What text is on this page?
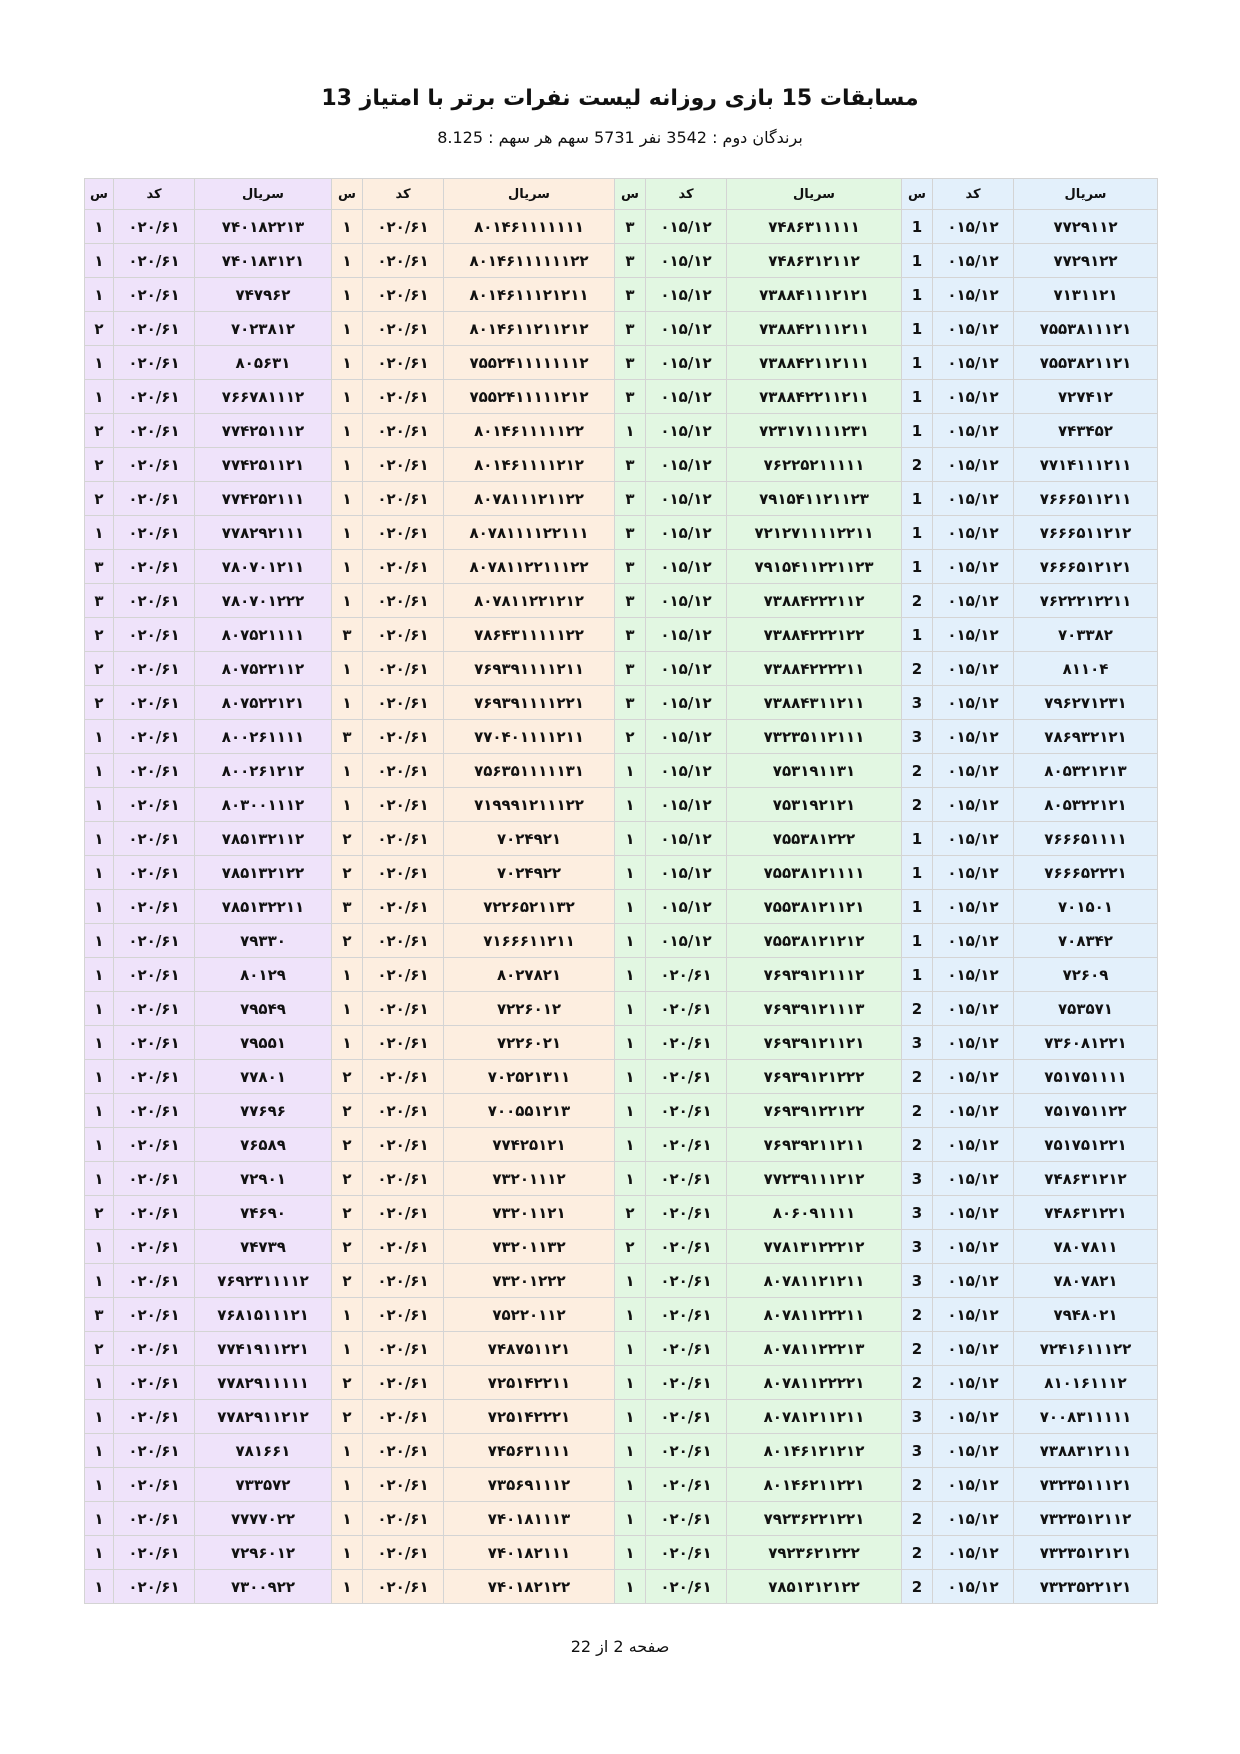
مسابقات 15 بازی روزانه لیست نفرات برتر با امتیاز 13
برندگان دوم : 3542 نفر 5731 سهم هر سهم : 8.125
سریال	کد	س	سریال	کد	س	سریال	کد	س	سریال	کد	س
۷۷۲۹۱۱۲	۰۱۵/۱۲	1	۷۴۸۶۳۱۱۱۱۱	۰۱۵/۱۲	۳	۸۰۱۴۶۱۱۱۱۱۱۱	۰۲۰/۶۱	۱	۷۴۰۱۸۲۲۱۳	۰۲۰/۶۱	۱
۷۷۲۹۱۲۲	۰۱۵/۱۲	1	۷۴۸۶۳۱۲۱۱۲	۰۱۵/۱۲	۳	۸۰۱۴۶۱۱۱۱۱۱۲۲	۰۲۰/۶۱	۱	۷۴۰۱۸۳۱۲۱	۰۲۰/۶۱	۱
۷۱۳۱۱۲۱	۰۱۵/۱۲	1	۷۳۸۸۴۱۱۱۲۱۲۱	۰۱۵/۱۲	۳	۸۰۱۴۶۱۱۱۲۱۲۱۱	۰۲۰/۶۱	۱	۷۴۷۹۶۲	۰۲۰/۶۱	۱
۷۵۵۳۸۱۱۱۲۱	۰۱۵/۱۲	1	۷۳۸۸۴۲۱۱۱۲۱۱	۰۱۵/۱۲	۳	۸۰۱۴۶۱۱۲۱۱۲۱۲	۰۲۰/۶۱	۱	۷۰۲۳۸۱۲	۰۲۰/۶۱	۲
۷۵۵۳۸۲۱۱۲۱	۰۱۵/۱۲	1	۷۳۸۸۴۲۱۱۲۱۱۱	۰۱۵/۱۲	۳	۷۵۵۲۴۱۱۱۱۱۱۱۲	۰۲۰/۶۱	۱	۸۰۵۶۳۱	۰۲۰/۶۱	۱
۷۲۷۴۱۲	۰۱۵/۱۲	1	۷۳۸۸۴۲۲۱۱۲۱۱	۰۱۵/۱۲	۳	۷۵۵۲۴۱۱۱۱۱۲۱۲	۰۲۰/۶۱	۱	۷۶۶۷۸۱۱۱۲	۰۲۰/۶۱	۱
۷۴۳۴۵۲	۰۱۵/۱۲	1	۷۲۳۱۷۱۱۱۱۲۳۱	۰۱۵/۱۲	۱	۸۰۱۴۶۱۱۱۱۱۲۲	۰۲۰/۶۱	۱	۷۷۴۲۵۱۱۱۲	۰۲۰/۶۱	۲
۷۷۱۴۱۱۱۲۱۱	۰۱۵/۱۲	2	۷۶۲۲۵۲۱۱۱۱۱	۰۱۵/۱۲	۳	۸۰۱۴۶۱۱۱۱۲۱۲	۰۲۰/۶۱	۱	۷۷۴۲۵۱۱۲۱	۰۲۰/۶۱	۲
۷۶۶۶۵۱۱۲۱۱	۰۱۵/۱۲	1	۷۹۱۵۴۱۱۲۱۱۲۳	۰۱۵/۱۲	۳	۸۰۷۸۱۱۱۲۱۱۲۲	۰۲۰/۶۱	۱	۷۷۴۲۵۲۱۱۱	۰۲۰/۶۱	۲
۷۶۶۶۵۱۱۲۱۲	۰۱۵/۱۲	1	۷۲۱۲۷۱۱۱۱۲۲۱۱	۰۱۵/۱۲	۳	۸۰۷۸۱۱۱۱۲۲۱۱۱	۰۲۰/۶۱	۱	۷۷۸۲۹۲۱۱۱	۰۲۰/۶۱	۱
۷۶۶۶۵۱۲۱۲۱	۰۱۵/۱۲	1	۷۹۱۵۴۱۱۲۲۱۱۲۳	۰۱۵/۱۲	۳	۸۰۷۸۱۱۲۲۱۱۱۲۲	۰۲۰/۶۱	۱	۷۸۰۷۰۱۲۱۱	۰۲۰/۶۱	۳
۷۶۲۲۲۱۲۲۱۱	۰۱۵/۱۲	2	۷۳۸۸۴۲۲۲۱۱۲	۰۱۵/۱۲	۳	۸۰۷۸۱۱۲۲۱۲۱۲	۰۲۰/۶۱	۱	۷۸۰۷۰۱۲۲۲	۰۲۰/۶۱	۳
۷۰۳۳۸۲	۰۱۵/۱۲	1	۷۳۸۸۴۲۲۲۱۲۲	۰۱۵/۱۲	۳	۷۸۶۴۳۱۱۱۱۱۲۲	۰۲۰/۶۱	۳	۸۰۷۵۲۱۱۱۱	۰۲۰/۶۱	۲
۸۱۱۰۴	۰۱۵/۱۲	2	۷۳۸۸۴۲۲۲۲۱۱	۰۱۵/۱۲	۳	۷۶۹۳۹۱۱۱۱۲۱۱	۰۲۰/۶۱	۱	۸۰۷۵۲۲۱۱۲	۰۲۰/۶۱	۲
۷۹۶۲۷۱۲۳۱	۰۱۵/۱۲	3	۷۳۸۸۴۳۱۱۲۱۱	۰۱۵/۱۲	۳	۷۶۹۳۹۱۱۱۱۲۲۱	۰۲۰/۶۱	۱	۸۰۷۵۲۲۱۲۱	۰۲۰/۶۱	۲
۷۸۶۹۳۲۱۲۱	۰۱۵/۱۲	3	۷۳۲۳۵۱۱۲۱۱۱	۰۱۵/۱۲	۲	۷۷۰۴۰۱۱۱۱۲۱۱	۰۲۰/۶۱	۳	۸۰۰۲۶۱۱۱۱	۰۲۰/۶۱	۱
۸۰۵۳۲۱۲۱۳	۰۱۵/۱۲	2	۷۵۳۱۹۱۱۳۱	۰۱۵/۱۲	۱	۷۵۶۳۵۱۱۱۱۱۳۱	۰۲۰/۶۱	۱	۸۰۰۲۶۱۲۱۲	۰۲۰/۶۱	۱
۸۰۵۳۲۲۱۲۱	۰۱۵/۱۲	2	۷۵۳۱۹۲۱۲۱	۰۱۵/۱۲	۱	۷۱۹۹۹۱۲۱۱۱۲۲	۰۲۰/۶۱	۱	۸۰۳۰۰۱۱۱۲	۰۲۰/۶۱	۱
۷۶۶۶۵۱۱۱۱	۰۱۵/۱۲	1	۷۵۵۳۸۱۲۲۲	۰۱۵/۱۲	۱	۷۰۲۴۹۲۱	۰۲۰/۶۱	۲	۷۸۵۱۳۲۱۱۲	۰۲۰/۶۱	۱
۷۶۶۶۵۲۲۲۱	۰۱۵/۱۲	1	۷۵۵۳۸۱۲۱۱۱۱	۰۱۵/۱۲	۱	۷۰۲۴۹۲۲	۰۲۰/۶۱	۲	۷۸۵۱۳۲۱۲۲	۰۲۰/۶۱	۱
۷۰۱۵۰۱	۰۱۵/۱۲	1	۷۵۵۳۸۱۲۱۱۲۱	۰۱۵/۱۲	۱	۷۲۲۶۵۲۱۱۳۲	۰۲۰/۶۱	۳	۷۸۵۱۳۲۲۱۱	۰۲۰/۶۱	۱
۷۰۸۳۴۲	۰۱۵/۱۲	1	۷۵۵۳۸۱۲۱۲۱۲	۰۱۵/۱۲	۱	۷۱۶۶۶۱۱۲۱۱	۰۲۰/۶۱	۲	۷۹۳۳۰	۰۲۰/۶۱	۱
۷۲۶۰۹	۰۱۵/۱۲	1	۷۶۹۳۹۱۲۱۱۱۲	۰۲۰/۶۱	۱	۸۰۲۷۸۲۱	۰۲۰/۶۱	۱	۸۰۱۲۹	۰۲۰/۶۱	۱
۷۵۳۵۷۱	۰۱۵/۱۲	2	۷۶۹۳۹۱۲۱۱۱۳	۰۲۰/۶۱	۱	۷۲۲۶۰۱۲	۰۲۰/۶۱	۱	۷۹۵۴۹	۰۲۰/۶۱	۱
۷۳۶۰۸۱۲۲۱	۰۱۵/۱۲	3	۷۶۹۳۹۱۲۱۱۲۱	۰۲۰/۶۱	۱	۷۲۲۶۰۲۱	۰۲۰/۶۱	۱	۷۹۵۵۱	۰۲۰/۶۱	۱
۷۵۱۷۵۱۱۱۱	۰۱۵/۱۲	2	۷۶۹۳۹۱۲۱۲۲۲	۰۲۰/۶۱	۱	۷۰۲۵۲۱۳۱۱	۰۲۰/۶۱	۲	۷۷۸۰۱	۰۲۰/۶۱	۱
۷۵۱۷۵۱۱۲۲	۰۱۵/۱۲	2	۷۶۹۳۹۱۲۲۱۲۲	۰۲۰/۶۱	۱	۷۰۰۵۵۱۲۱۳	۰۲۰/۶۱	۲	۷۷۶۹۶	۰۲۰/۶۱	۱
۷۵۱۷۵۱۲۲۱	۰۱۵/۱۲	2	۷۶۹۳۹۲۱۱۲۱۱	۰۲۰/۶۱	۱	۷۷۴۲۵۱۲۱	۰۲۰/۶۱	۲	۷۶۵۸۹	۰۲۰/۶۱	۱
۷۴۸۶۳۱۲۱۲	۰۱۵/۱۲	3	۷۷۲۳۹۱۱۱۲۱۲	۰۲۰/۶۱	۱	۷۳۲۰۱۱۱۲	۰۲۰/۶۱	۲	۷۲۹۰۱	۰۲۰/۶۱	۱
۷۴۸۶۳۱۲۲۱	۰۱۵/۱۲	3	۸۰۶۰۹۱۱۱۱	۰۲۰/۶۱	۲	۷۳۲۰۱۱۲۱	۰۲۰/۶۱	۲	۷۴۶۹۰	۰۲۰/۶۱	۲
۷۸۰۷۸۱۱	۰۱۵/۱۲	3	۷۷۸۱۳۱۲۲۲۱۲	۰۲۰/۶۱	۲	۷۳۲۰۱۱۳۲	۰۲۰/۶۱	۲	۷۴۷۳۹	۰۲۰/۶۱	۱
۷۸۰۷۸۲۱	۰۱۵/۱۲	3	۸۰۷۸۱۱۲۱۲۱۱	۰۲۰/۶۱	۱	۷۳۲۰۱۲۲۲	۰۲۰/۶۱	۲	۷۶۹۲۳۱۱۱۱۲	۰۲۰/۶۱	۱
۷۹۴۸۰۲۱	۰۱۵/۱۲	2	۸۰۷۸۱۱۲۲۲۱۱	۰۲۰/۶۱	۱	۷۵۲۲۰۱۱۲	۰۲۰/۶۱	۱	۷۶۸۱۵۱۱۱۲۱	۰۲۰/۶۱	۳
۷۲۴۱۶۱۱۱۲۲	۰۱۵/۱۲	2	۸۰۷۸۱۱۲۲۲۱۳	۰۲۰/۶۱	۱	۷۴۸۷۵۱۱۲۱	۰۲۰/۶۱	۱	۷۷۴۱۹۱۱۲۲۱	۰۲۰/۶۱	۲
۸۱۰۱۶۱۱۱۲	۰۱۵/۱۲	2	۸۰۷۸۱۱۲۲۲۲۱	۰۲۰/۶۱	۱	۷۲۵۱۴۲۲۱۱	۰۲۰/۶۱	۲	۷۷۸۲۹۱۱۱۱۱	۰۲۰/۶۱	۱
۷۰۰۸۳۱۱۱۱۱	۰۱۵/۱۲	3	۸۰۷۸۱۲۱۱۲۱۱	۰۲۰/۶۱	۱	۷۲۵۱۴۲۲۲۱	۰۲۰/۶۱	۲	۷۷۸۲۹۱۱۲۱۲	۰۲۰/۶۱	۱
۷۳۸۸۳۱۲۱۱۱	۰۱۵/۱۲	3	۸۰۱۴۶۱۲۱۲۱۲	۰۲۰/۶۱	۱	۷۴۵۶۳۱۱۱۱	۰۲۰/۶۱	۱	۷۸۱۶۶۱	۰۲۰/۶۱	۱
۷۳۲۳۵۱۱۱۲۱	۰۱۵/۱۲	2	۸۰۱۴۶۲۱۱۲۲۱	۰۲۰/۶۱	۱	۷۳۵۶۹۱۱۱۲	۰۲۰/۶۱	۱	۷۳۳۵۷۲	۰۲۰/۶۱	۱
۷۳۲۳۵۱۲۱۱۲	۰۱۵/۱۲	2	۷۹۲۳۶۲۲۱۲۲۱	۰۲۰/۶۱	۱	۷۴۰۱۸۱۱۱۳	۰۲۰/۶۱	۱	۷۷۷۷۰۲۲	۰۲۰/۶۱	۱
۷۳۲۳۵۱۲۱۲۱	۰۱۵/۱۲	2	۷۹۲۳۶۲۱۲۲۲	۰۲۰/۶۱	۱	۷۴۰۱۸۲۱۱۱	۰۲۰/۶۱	۱	۷۲۹۶۰۱۲	۰۲۰/۶۱	۱
۷۳۲۳۵۲۲۱۲۱	۰۱۵/۱۲	2	۷۸۵۱۳۱۲۱۲۲	۰۲۰/۶۱	۱	۷۴۰۱۸۲۱۲۲	۰۲۰/۶۱	۱	۷۳۰۰۹۲۲	۰۲۰/۶۱	۱
صفحه 2 از 22
